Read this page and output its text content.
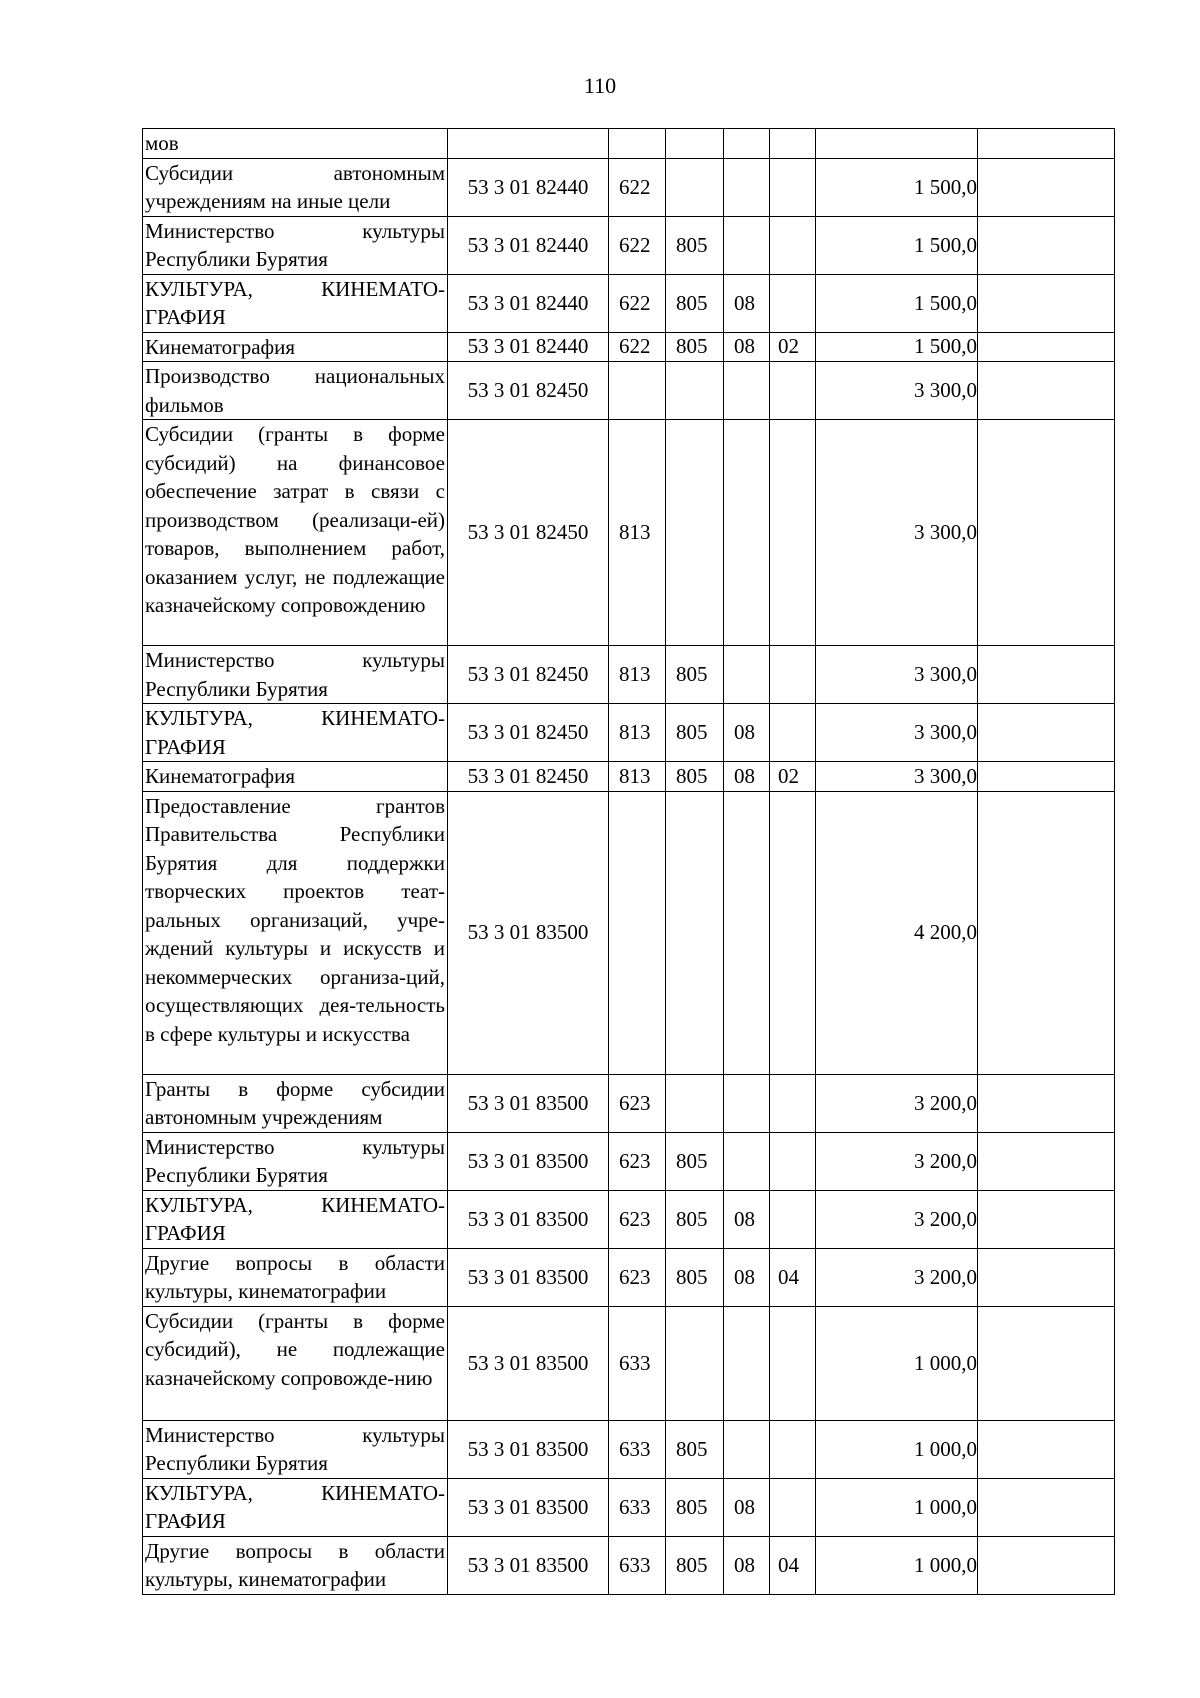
110
мов							
Субсидии автономным учреждениям на иные цели	53 3 01 82440	622				1 500,0	
Министерство культуры Республики Бурятия	53 3 01 82440	622	805			1 500,0	
КУЛЬТУРА, КИНЕМАТО-ГРАФИЯ	53 3 01 82440	622	805	08		1 500,0	
Кинематография	53 3 01 82440	622	805	08	02	1 500,0	
Производство национальных фильмов	53 3 01 82450					3 300,0	
Субсидии (гранты в форме субсидий) на финансовое обеспечение затрат в связи с производством (реализаци-ей) товаров, выполнением работ, оказанием услуг, не подлежащие казначейскому сопровождению	53 3 01 82450	813				3 300,0	
Министерство культуры Республики Бурятия	53 3 01 82450	813	805			3 300,0	
КУЛЬТУРА, КИНЕМАТО-ГРАФИЯ	53 3 01 82450	813	805	08		3 300,0	
Кинематография	53 3 01 82450	813	805	08	02	3 300,0	
Предоставление грантов Правительства Республики Бурятия для поддержки творческих проектов теат-ральных организаций, учре-ждений культуры и искусств и некоммерческих организа-ций, осуществляющих дея-тельность в сфере культуры и искусства	53 3 01 83500					4 200,0	
Гранты в форме субсидии автономным учреждениям	53 3 01 83500	623				3 200,0	
Министерство культуры Республики Бурятия	53 3 01 83500	623	805			3 200,0	
КУЛЬТУРА, КИНЕМАТО-ГРАФИЯ	53 3 01 83500	623	805	08		3 200,0	
Другие вопросы в области культуры, кинематографии	53 3 01 83500	623	805	08	04	3 200,0	
Субсидии (гранты в форме субсидий), не подлежащие казначейскому сопровожде-нию	53 3 01 83500	633				1 000,0	
Министерство культуры Республики Бурятия	53 3 01 83500	633	805			1 000,0	
КУЛЬТУРА, КИНЕМАТО-ГРАФИЯ	53 3 01 83500	633	805	08		1 000,0	
Другие вопросы в области культуры, кинематографии	53 3 01 83500	633	805	08	04	1 000,0	
